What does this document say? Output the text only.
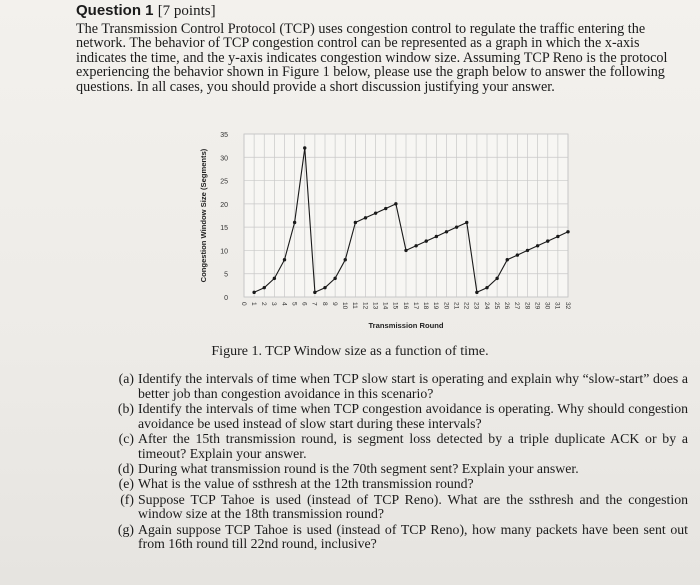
Question 1 [7 points]

The Transmission Control Protocol (TCP) uses congestion control to regulate the traffic entering the network. The behavior of TCP congestion control can be represented as a graph in which the x-axis indicates the time, and the y-axis indicates congestion window size. Assuming TCP Reno is the protocol experiencing the behavior shown in Figure 1 below, please use the graph below to answer the following questions. In all cases, you should provide a short discussion justifying your answer.

0
5
10
15
20
25
30
35
0 1 2 3 4 5 6 7 8 9 10 11 12 13 14 15 16 17 18 19 20 21 22 23 24 25 26 27 28 29 30 31 32
Transmission Round
Congestion Window Size (Segments)
Figure 1. TCP Window size as a function of time.
(a) Identify the intervals of time when TCP slow start is operating and explain why “slow-start” does a better job than congestion avoidance in this scenario?
(b) Identify the intervals of time when TCP congestion avoidance is operating. Why should congestion avoidance be used instead of slow start during these intervals?
(c) After the 15th transmission round, is segment loss detected by a triple duplicate ACK or by a timeout? Explain your answer.
(d) During what transmission round is the 70th segment sent? Explain your answer.
(e) What is the value of ssthresh at the 12th transmission round?
(f) Suppose TCP Tahoe is used (instead of TCP Reno). What are the ssthresh and the congestion window size at the 18th transmission round?
(g) Again suppose TCP Tahoe is used (instead of TCP Reno), how many packets have been sent out from 16th round till 22nd round, inclusive?
